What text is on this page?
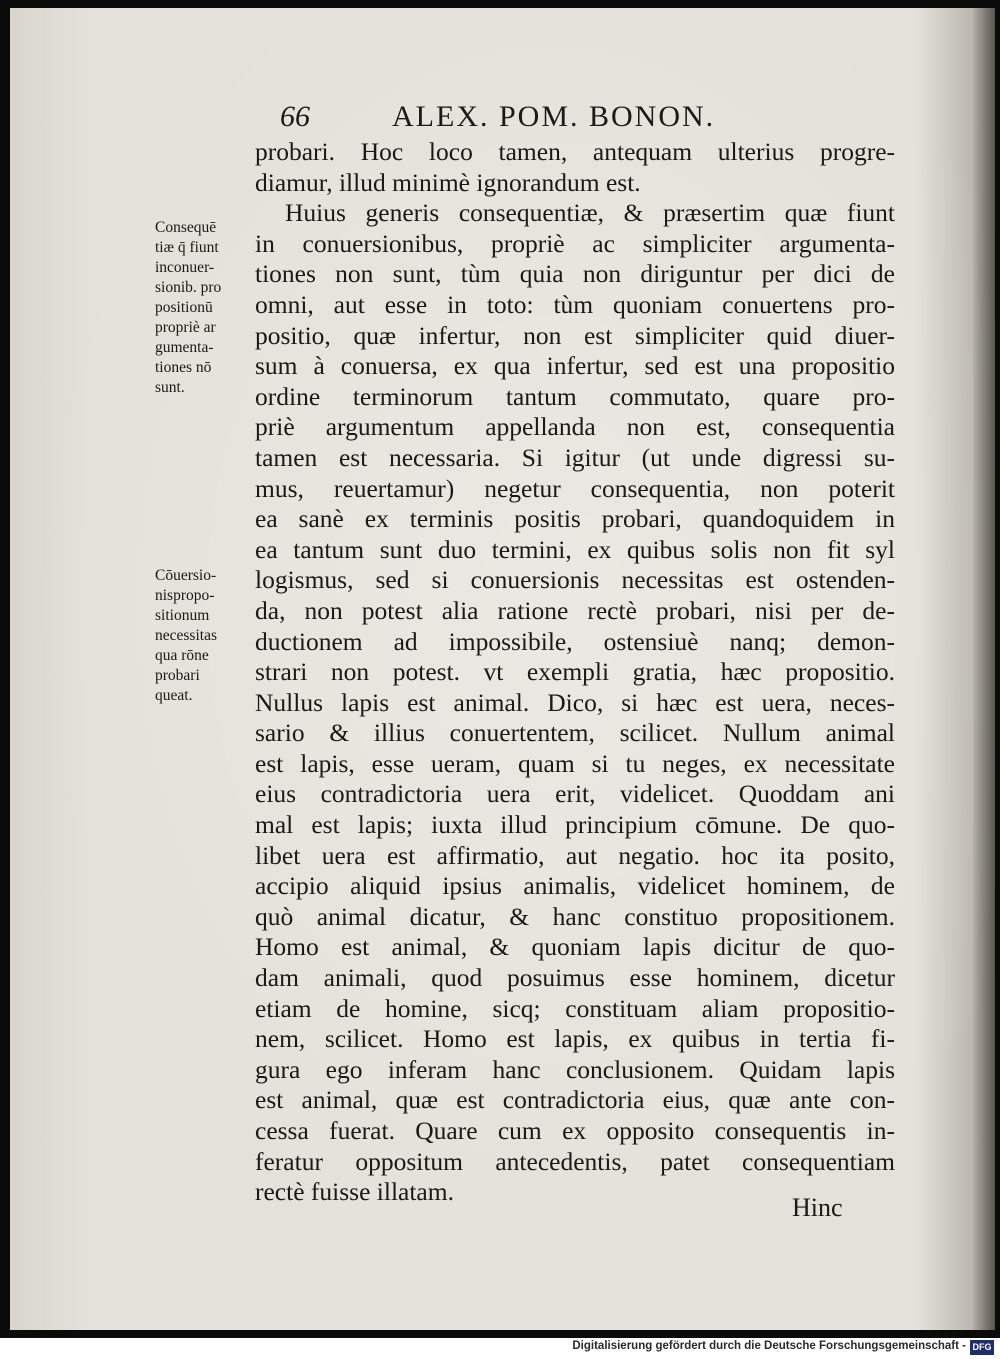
66	ALEX. POM. BONON.
Consequē
tiæ q̄ fiunt
inconuer-
sionib. pro
positionū
propriè ar
gumenta-
tiones nō
sunt.
Cōuersio-
nispropo-
sitionum
necessitas
qua rōne
probari
queat.
probari. Hoc loco tamen, antequam ulterius progre-
diamur, illud minimè ignorandum est.
Huius generis consequentiæ, & præsertim quæ fiunt
in conuersionibus, propriè ac simpliciter argumenta-
tiones non sunt, tùm quia non diriguntur per dici de
omni, aut esse in toto: tùm quoniam conuertens pro-
positio, quæ infertur, non est simpliciter quid diuer-
sum à conuersa, ex qua infertur, sed est una propositio
ordine terminorum tantum commutato, quare pro-
priè argumentum appellanda non est, consequentia
tamen est necessaria. Si igitur (ut unde digressi su-
mus, reuertamur) negetur consequentia, non poterit
ea sanè ex terminis positis probari, quandoquidem in
ea tantum sunt duo termini, ex quibus solis non fit syl
logismus, sed si conuersionis necessitas est ostenden-
da, non potest alia ratione rectè probari, nisi per de-
ductionem ad impossibile, ostensiuè nanq; demon-
strari non potest. vt exempli gratia, hæc propositio.
Nullus lapis est animal. Dico, si hæc est uera, neces-
sario & illius conuertentem, scilicet. Nullum animal
est lapis, esse ueram, quam si tu neges, ex necessitate
eius contradictoria uera erit, videlicet. Quoddam ani
mal est lapis; iuxta illud principium cōmune. De quo-
libet uera est affirmatio, aut negatio. hoc ita posito,
accipio aliquid ipsius animalis, videlicet hominem, de
quò animal dicatur, & hanc constituo propositionem.
Homo est animal, & quoniam lapis dicitur de quo-
dam animali, quod posuimus esse hominem, dicetur
etiam de homine, sicq; constituam aliam propositio-
nem, scilicet. Homo est lapis, ex quibus in tertia fi-
gura ego inferam hanc conclusionem. Quidam lapis
est animal, quæ est contradictoria eius, quæ ante con-
cessa fuerat. Quare cum ex opposito consequentis in-
feratur oppositum antecedentis, patet consequentiam
rectè fuisse illatam.
Hinc
Digitalisierung gefördert durch die Deutsche Forschungsgemeinschaft - DFG
